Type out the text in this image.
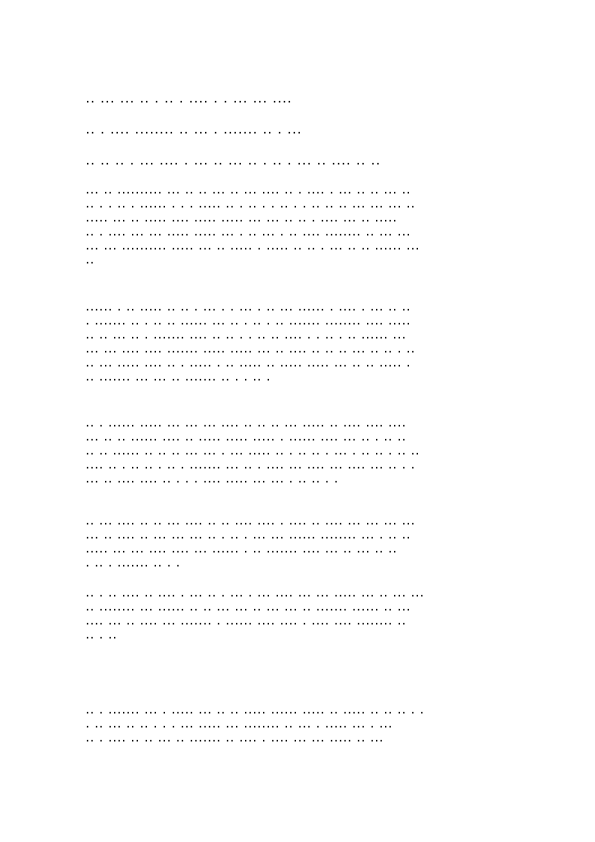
·· ··· ··· ·· · ·· · ···· · · ··· ··· ····
·· · ···· ········ ·· ··· · ······· ·· · ···
·· ·· ·· · ··· ···· · ··· ·· ··· ·· · ·· · ··· ·· ···· ·· ··
··· ·· ·········· ··· ·· ·· ··· ·· ··· ···· ·· · ···· · ··· ·· ·· ··· ··
·· · · ·· · ······ · · · ····· ·· · ·· · · ·· · · ·· ·· ·· ··· ··· ··· ··
····· ··· ·· ····· ···· ····· ····· ··· ··· ·· ·· · ···· ··· ·· ·····
·· · ···· ··· ··· ····· ····· ··· · ·· ··· · ·· ···· ········ ·· ··· ···
··· ··· ·········· ····· ··· ·· ····· · ····· ·· ·· · ··· ·· ·· ······ ···
··
······ · ·· ····· ·· ·· · ··· · · ··· · ·· ··· ······ · ···· · ··· ·· ··
· ······· ·· · ·· ·· ······ ··· ·· · ·· · ·· ······· ········ ···· ·····
·· ·· ··· ·· · ······· ···· ·· ·· · · ·· ·· ···· · · ·· · ·· ······ ···
··· ··· ···· ···· ······· ····· ····· ··· ·· ···· ·· ·· ·· ··· ·· ·· · ··
·· ··· ····· ···· ·· · ····· · ·· ····· ·· ····· ····· ··· ·· ·· ····· ·
·· ······· ··· ··· ·· ······· ·· · · ·· ·
·· · ······ ····· ··· ··· ··· ···· ·· ·· ·· ··· ····· ·· ···· ···· ····
··· ·· ·· ······ ···· ·· ····· ····· ····· · ······ ···· ··· ·· · ·· ··
·· ·· ······ ·· ·· ·· ··· ··· · ··· ····· ·· · ·· ·· · ··· · ·· ·· · ·· ··
···· ·· · ·· ·· · ·· · ······· ··· ·· · ···· ··· ···· ··· ···· ··· ·· · ·
··· ·· ···· ···· ·· · · · ···· ····· ··· ··· · ·· ·· · ·
·· ··· ···· ·· ·· ··· ···· ·· ·· ···· ···· · ···· ·· ···· ··· ··· ··· ···
··· ·· ···· ·· ··· ··· ··· ·· · ·· · ··· ··· ······ ········ ··· · ·· ··
····· ··· ··· ···· ···· ··· ······ · ·· ······· ···· ··· ·· ··· ·· ··
· ·· · ······· ·· · ·
·· · ·· ···· ·· ···· · ··· ·· · ··· · ··· ···· ··· ··· ····· ··· ·· ··· ···
·· ········ ··· ······ ·· ·· ··· ··· ·· ··· ··· ·· ······· ······ ·· ···
···· ··· ·· ···· ··· ······· · ······ ···· ···· · ···· ···· ········ ··
·· · ··
·· · ······· ··· · ····· ··· ·· ·· ····· ······ ····· ·· ····· ·· ·· ·· · ·
· ·· ··· ·· ·· · · · ··· ····· ··· ········ ·· ··· · ····· ··· · ···
·· · ···· ·· ·· ··· ·· ······· ·· ···· · ···· ··· ··· ····· ·· ···
